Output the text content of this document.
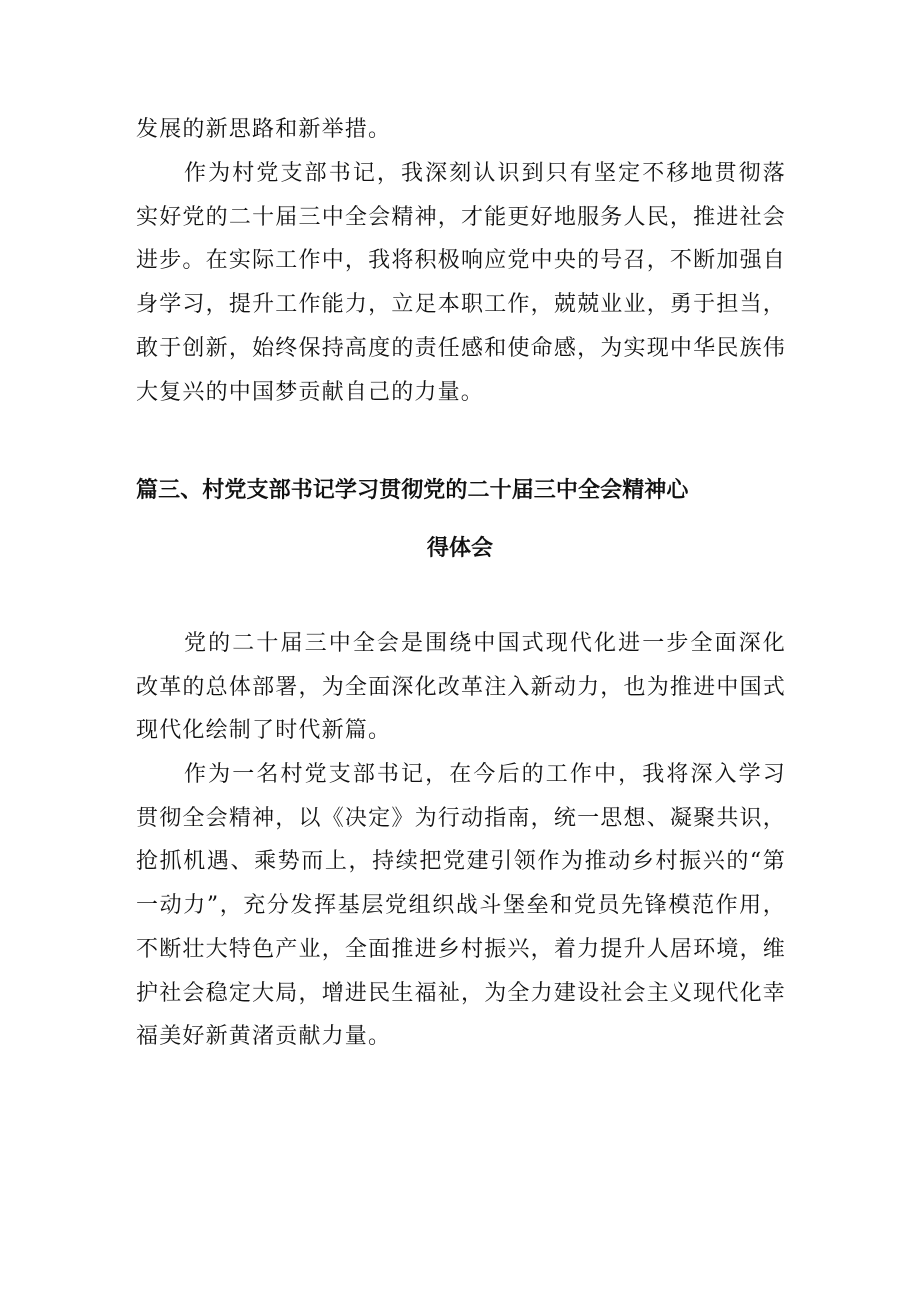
发展的新思路和新举措。

作为村党支部书记，我深刻认识到只有坚定不移地贯彻落实好党的二十届三中全会精神，才能更好地服务人民，推进社会进步。在实际工作中，我将积极响应党中央的号召，不断加强自身学习，提升工作能力，立足本职工作，兢兢业业，勇于担当，敢于创新，始终保持高度的责任感和使命感，为实现中华民族伟大复兴的中国梦贡献自己的力量。

篇三、村党支部书记学习贯彻党的二十届三中全会精神心
得体会

党的二十届三中全会是围绕中国式现代化进一步全面深化改革的总体部署，为全面深化改革注入新动力，也为推进中国式现代化绘制了时代新篇。

作为一名村党支部书记，在今后的工作中，我将深入学习贯彻全会精神，以《决定》为行动指南，统一思想、凝聚共识，抢抓机遇、乘势而上，持续把党建引领作为推动乡村振兴的“第一动力”，充分发挥基层党组织战斗堡垒和党员先锋模范作用，不断壮大特色产业，全面推进乡村振兴，着力提升人居环境，维护社会稳定大局，增进民生福祉，为全力建设社会主义现代化幸福美好新黄渚贡献力量。
